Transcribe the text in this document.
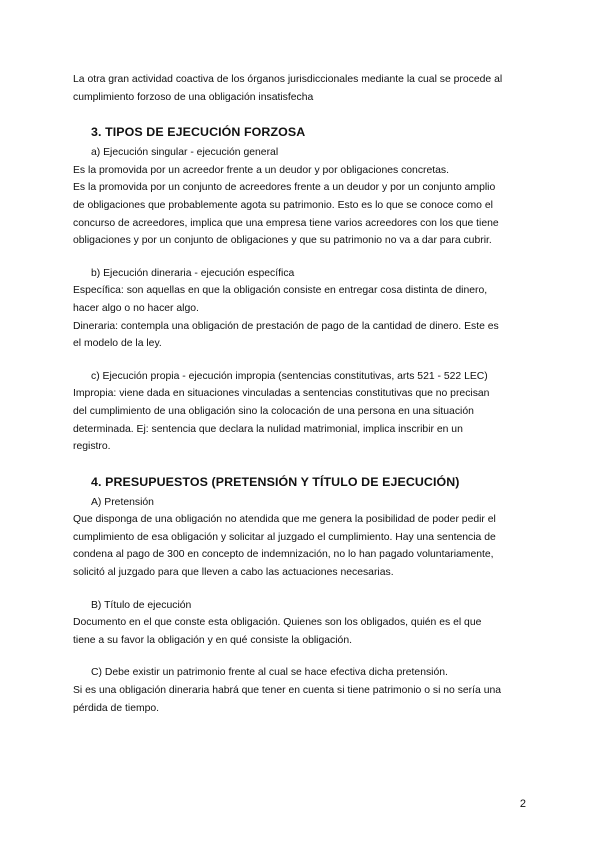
La otra gran actividad coactiva de los órganos jurisdiccionales mediante la cual se procede al

cumplimiento forzoso de una obligación insatisfecha

3. TIPOS DE EJECUCIÓN FORZOSA

a) Ejecución singular - ejecución general

Es la promovida por un acreedor frente a un deudor y por obligaciones concretas.

Es la promovida por un conjunto de acreedores frente a un deudor y por un conjunto amplio

de obligaciones que probablemente agota su patrimonio. Esto es lo que se conoce como el

concurso de acreedores, implica que una empresa tiene varios acreedores con los que tiene

obligaciones y por un conjunto de obligaciones y que su patrimonio no va a dar para cubrir.

b) Ejecución dineraria - ejecución específica

Específica: son aquellas en que la obligación consiste en entregar cosa distinta de dinero,

hacer algo o no hacer algo.

Dineraria: contempla una obligación de prestación de pago de la cantidad de dinero. Este es

el modelo de la ley.

c) Ejecución propia - ejecución impropia (sentencias constitutivas, arts 521 - 522 LEC)

Impropia: viene dada en situaciones vinculadas a sentencias constitutivas que no precisan

del cumplimiento de una obligación sino la colocación de una persona en una situación

determinada. Ej: sentencia que declara la nulidad matrimonial, implica inscribir en un

registro.

4. PRESUPUESTOS (PRETENSIÓN Y TÍTULO DE EJECUCIÓN)

A) Pretensión

Que disponga de una obligación no atendida que me genera la posibilidad de poder pedir el

cumplimiento de esa obligación y solicitar al juzgado el cumplimiento. Hay una sentencia de

condena al pago de 300 en concepto de indemnización, no lo han pagado voluntariamente,

solicitó al juzgado para que lleven a cabo las actuaciones necesarias.

B) Título de ejecución

Documento en el que conste esta obligación. Quienes son los obligados, quién es el que

tiene a su favor la obligación y en qué consiste la obligación.

C) Debe existir un patrimonio frente al cual se hace efectiva dicha pretensión.

Si es una obligación dineraria habrá que tener en cuenta si tiene patrimonio o si no sería una

pérdida de tiempo.

2
